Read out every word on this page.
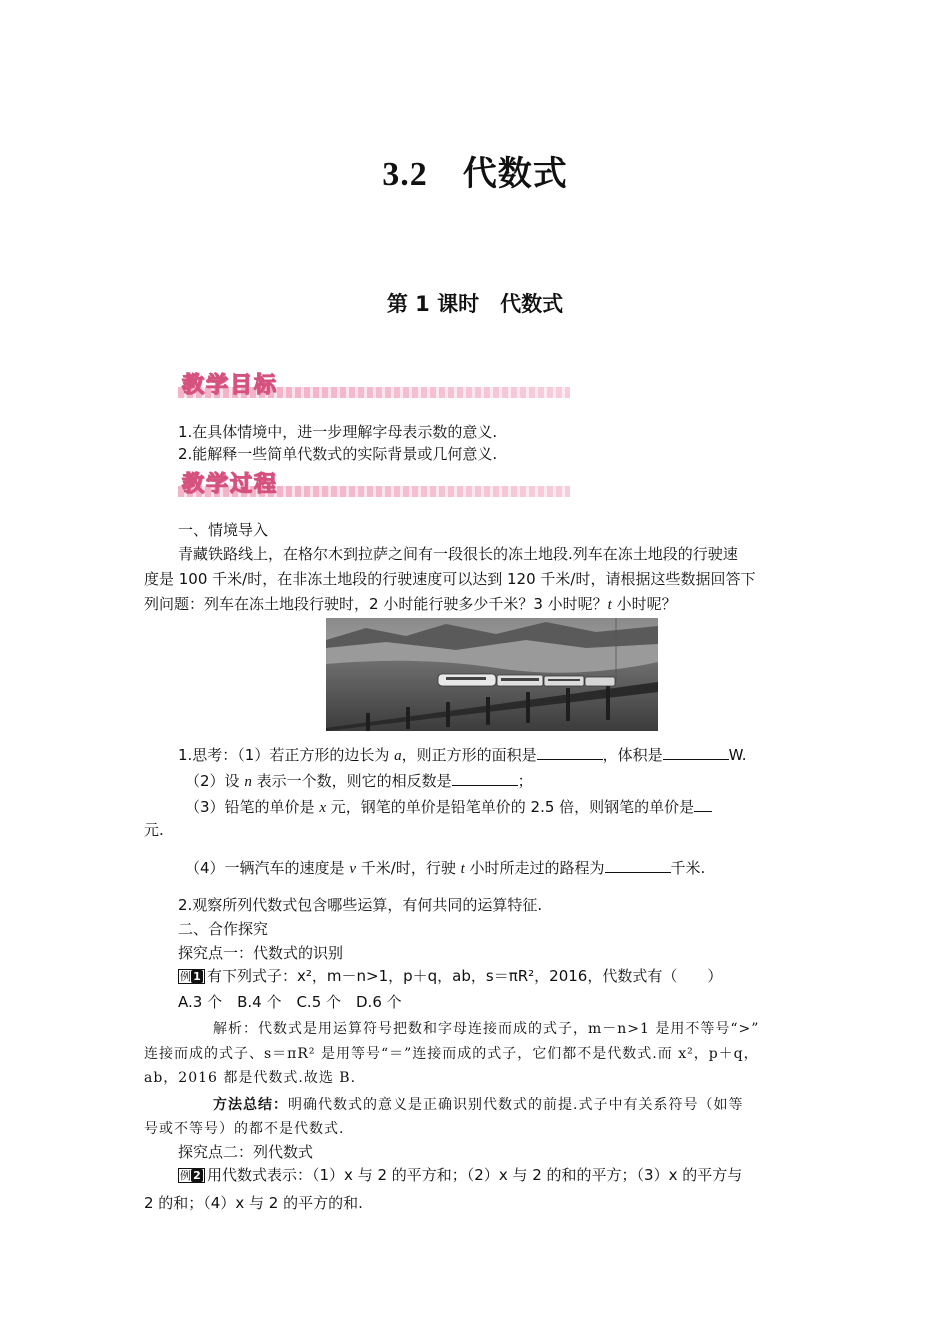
3.2　代数式
第 1 课时　代数式
教学目标
1.在具体情境中，进一步理解字母表示数的意义.
2.能解释一些简单代数式的实际背景或几何意义.
教学过程
一、情境导入
青藏铁路线上，在格尔木到拉萨之间有一段很长的冻土地段.列车在冻土地段的行驶速
度是 100 千米/时，在非冻土地段的行驶速度可以达到 120 千米/时，请根据这些数据回答下
列问题：列车在冻土地段行驶时，2 小时能行驶多少千米？3 小时呢？t 小时呢？
1.思考：（1）若正方形的边长为 a，则正方形的面积是	，体积是	W.
（2）设 n 表示一个数，则它的相反数是	；
（3）铅笔的单价是 x 元，钢笔的单价是铅笔单价的 2.5 倍，则钢笔的单价是
元.
（4）一辆汽车的速度是 v 千米/时，行驶 t 小时所走过的路程为	千米.
2.观察所列代数式包含哪些运算，有何共同的运算特征.
二、合作探究
探究点一：代数式的识别
例 1 有下列式子：x²，m－n>1，p＋q，ab，s＝πR²，2016，代数式有（　　）
A.3 个　B.4 个　C.5 个　D.6 个
解析：代数式是用运算符号把数和字母连接而成的式子，m－n>1 是用不等号“>”
连接而成的式子、s＝πR² 是用等号“＝”连接而成的式子，它们都不是代数式.而 x²，p＋q，
ab，2016 都是代数式.故选 B.
方法总结：明确代数式的意义是正确识别代数式的前提.式子中有关系符号（如等
号或不等号）的都不是代数式.
探究点二：列代数式
例 2 用代数式表示：（1）x 与 2 的平方和；（2）x 与 2 的和的平方；（3）x 的平方与
2 的和；（4）x 与 2 的平方的和.
